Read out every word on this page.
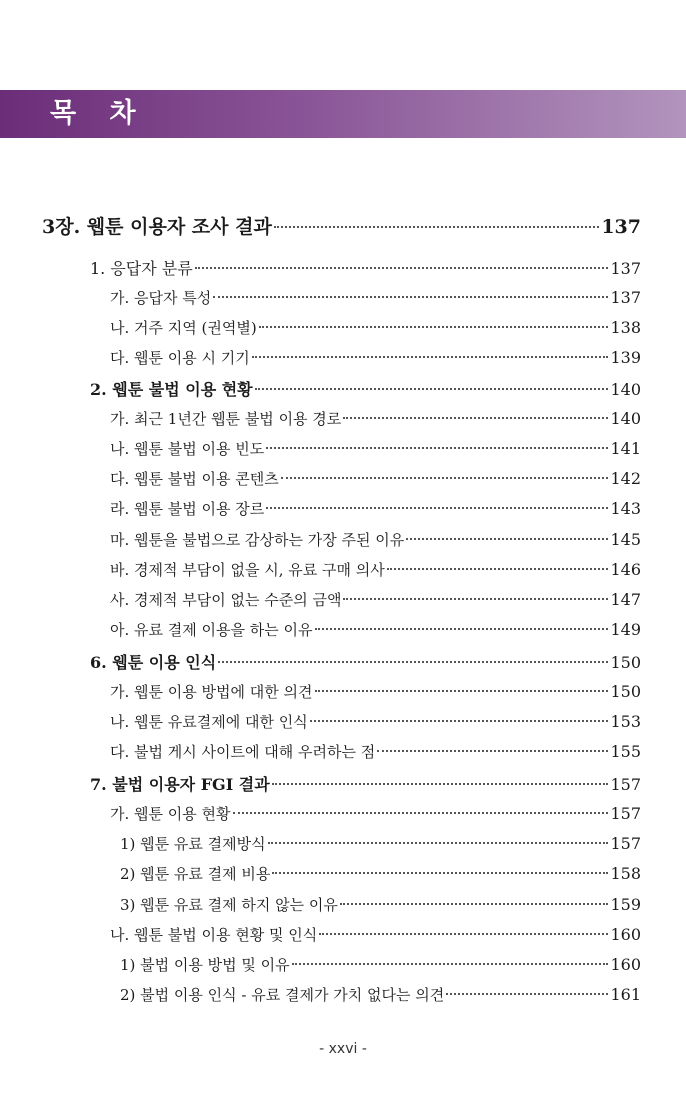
목 차
3장. 웹툰 이용자 조사 결과	137
1. 응답자 분류	137
가. 응답자 특성	137
나. 거주 지역 (권역별)	138
다. 웹툰 이용 시 기기	139
2. 웹툰 불법 이용 현황	140
가. 최근 1년간 웹툰 불법 이용 경로	140
나. 웹툰 불법 이용 빈도	141
다. 웹툰 불법 이용 콘텐츠	142
라. 웹툰 불법 이용 장르	143
마. 웹툰을 불법으로 감상하는 가장 주된 이유	145
바. 경제적 부담이 없을 시, 유료 구매 의사	146
사. 경제적 부담이 없는 수준의 금액	147
아. 유료 결제 이용을 하는 이유	149
6. 웹툰 이용 인식	150
가. 웹툰 이용 방법에 대한 의견	150
나. 웹툰 유료결제에 대한 인식	153
다. 불법 게시 사이트에 대해 우려하는 점	155
7. 불법 이용자 FGI 결과	157
가. 웹툰 이용 현황	157
1) 웹툰 유료 결제방식	157
2) 웹툰 유료 결제 비용	158
3) 웹툰 유료 결제 하지 않는 이유	159
나. 웹툰 불법 이용 현황 및 인식	160
1) 불법 이용 방법 및 이유	160
2) 불법 이용 인식 - 유료 결제가 가치 없다는 의견	161
- xxvi -
